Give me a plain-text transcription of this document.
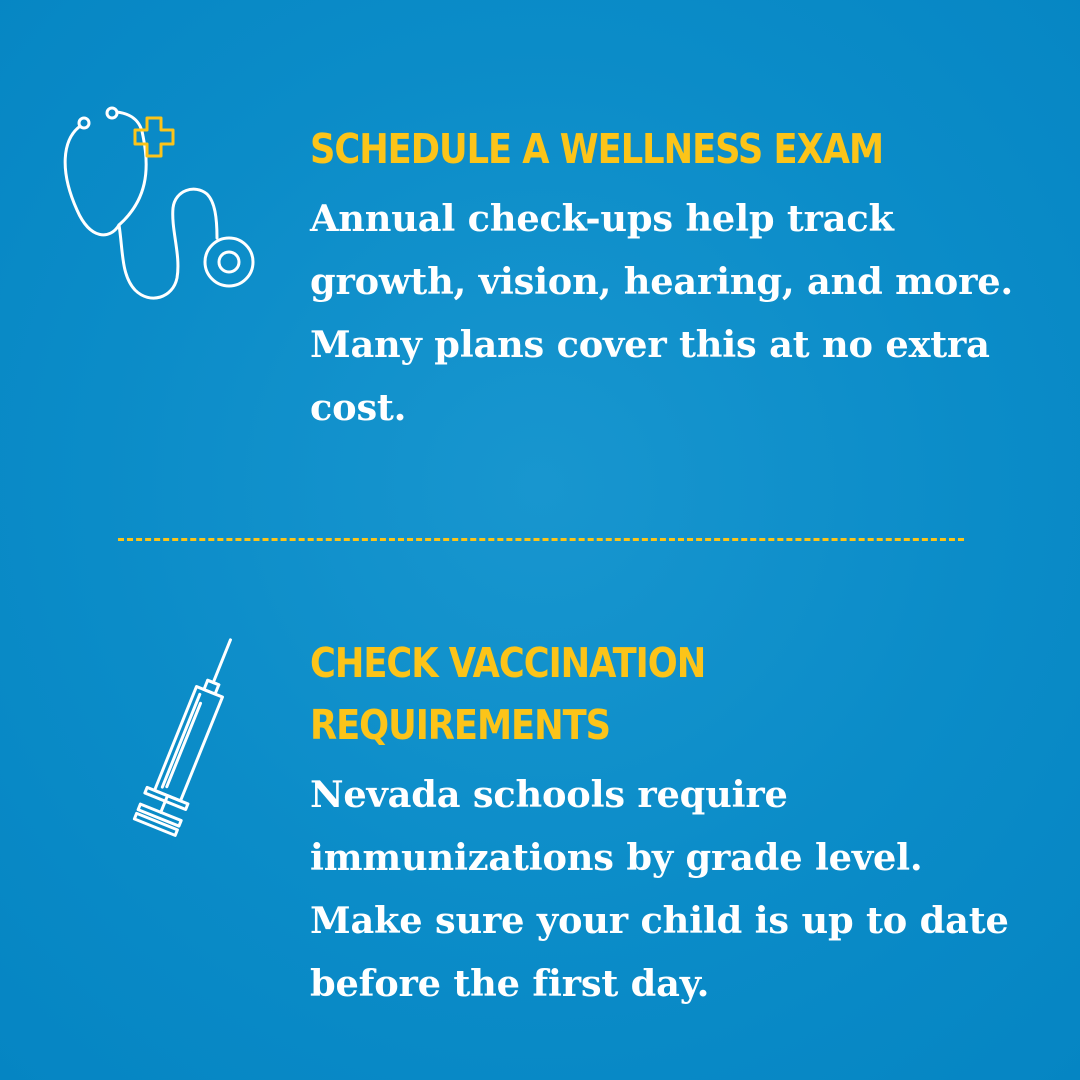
SCHEDULE A WELLNESS EXAM

Annual check-ups help track growth, vision, hearing, and more. Many plans cover this at no extra cost.

CHECK VACCINATION REQUIREMENTS

Nevada schools require immunizations by grade level. Make sure your child is up to date before the first day.
